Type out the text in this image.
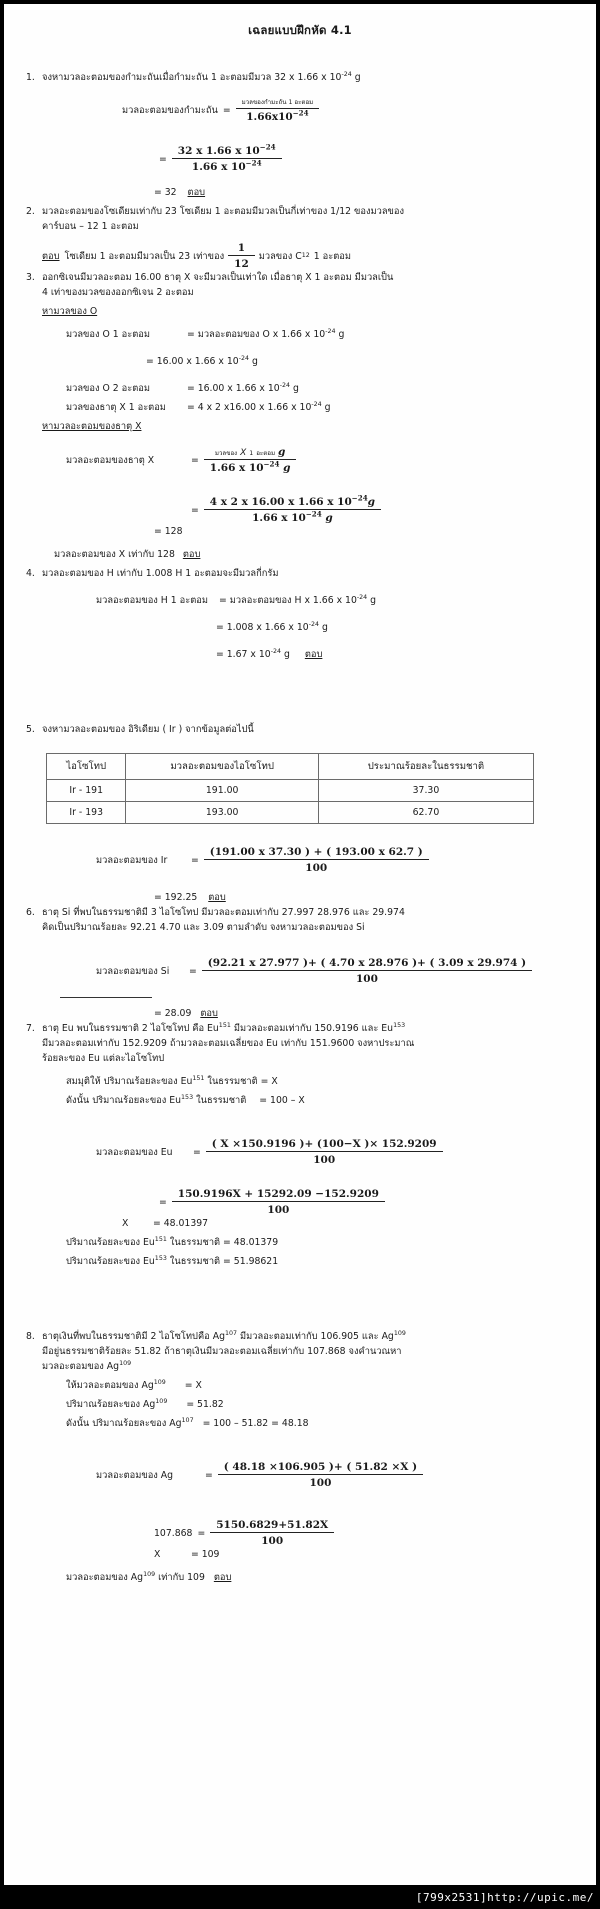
เฉลยแบบฝึกหัด 4.1
1. จงหามวลอะตอมของกำมะถันเมื่อกำมะถัน 1 อะตอมมีมวล 32 x 1.66 x $10^{-24}$ g
มวลอะตอมของกำมะถัน = $\frac{\text{มวลของกำมะถัน 1 อะตอม}}{1.66x10^{-24}}$
= $\frac{32 x 1.66 x 10^{-24}}{1.66 x 10^{-24}}$
= 32 ตอบ
2. มวลอะตอมของโซเดียมเท่ากับ 23 โซเดียม 1 อะตอมมีมวลเป็นกี่เท่าของ 1/12 ของมวลของ
คาร์บอน – 12 1 อะตอม
ตอบ โซเดียม 1 อะตอมมีมวลเป็น 23 เท่าของ $\frac{1}{12}$ มวลของ C 12 1 อะตอม
3. ออกซิเจนมีมวลอะตอม 16.00 ธาตุ X จะมีมวลเป็นเท่าใด เมื่อธาตุ X 1 อะตอม มีมวลเป็น
4 เท่าของมวลของออกซิเจน 2 อะตอม
หามวลของ O
มวลของ O 1 อะตอม	= มวลอะตอมของ O x 1.66 x $10^{-24}$ g
= 16.00 x 1.66 x $10^{-24}$ g
มวลของ O 2 อะตอม	= 16.00 x 1.66 x $10^{-24}$ g
มวลของธาตุ X 1 อะตอม = 4 x 2 x16.00 x 1.66 x $10^{-24}$ g
หามวลอะตอมของธาตุ X
มวลอะตอมของธาตุ X	= $\frac{\text{มวลของ X 1 อะตอม g}}{1.66 x 10^{-24} g}$
= $\frac{4 x 2 x 16.00 x 1.66 x 10^{-24}g}{1.66 x 10^{-24} g}$
= 128
มวลอะตอมของ X เท่ากับ 128 ตอบ
4. มวลอะตอมของ H เท่ากับ 1.008 H 1 อะตอมจะมีมวลกี่กรัม
มวลอะตอมของ H 1 อะตอม = มวลอะตอมของ H x 1.66 x $10^{-24}$ g
= 1.008 x 1.66 x $10^{-24}$ g
= 1.67 x $10^{-24}$ g ตอบ
5. จงหามวลอะตอมของ อิริเดียม ( Ir ) จากข้อมูลต่อไปนี้
ไอโซโทป	มวลอะตอมของไอโซโทป	ประมาณร้อยละในธรรมชาติ
Ir - 191	191.00	37.30
Ir - 193	193.00	62.70
มวลอะตอมของ Ir	= $\frac{(191.00 x 37.30 ) + ( 193.00 x 62.7 )}{100}$
= 192.25 ตอบ
6. ธาตุ Si ที่พบในธรรมชาติมี 3 ไอโซโทป มีมวลอะตอมเท่ากับ 27.997 28.976 และ 29.974
คิดเป็นปริมาณร้อยละ 92.21 4.70 และ 3.09 ตามลำดับ จงหามวลอะตอมของ Si
มวลอะตอมของ Si	= $\frac{(92.21 x 27.977 )+ ( 4.70 x 28.976 )+ ( 3.09 x 29.974 )}{100}$
= 28.09 ตอบ
7. ธาตุ Eu พบในธรรมชาติ 2 ไอโซโทป คือ Eu$^{151}$ มีมวลอะตอมเท่ากับ 150.9196 และ Eu$^{153}$
มีมวลอะตอมเท่ากับ 152.9209 ถ้ามวลอะตอมเฉลี่ยของ Eu เท่ากับ 151.9600 จงหาประมาณ
ร้อยละของ Eu แต่ละไอโซโทป
สมมุติให้ ปริมาณร้อยละของ Eu$^{151}$ ในธรรมชาติ = X
ดังนั้น ปริมาณร้อยละของ Eu$^{153}$ ในธรรมชาติ = 100 – X
มวลอะตอมของ Eu	= $\frac{( X \times 150.9196 )+ (100-X )\times 152.9209}{100}$
= $\frac{150.9196X + 15292.09 -152.9209}{100}$
X	= 48.01397
ปริมาณร้อยละของ Eu$^{151}$ ในธรรมชาติ = 48.01379
ปริมาณร้อยละของ Eu$^{153}$ ในธรรมชาติ = 51.98621
8. ธาตุเงินที่พบในธรรมชาติมี 2 ไอโซโทปคือ Ag$^{107}$ มีมวลอะตอมเท่ากับ 106.905 และ Ag$^{109}$
มีอยู่นธรรมชาติร้อยละ 51.82 ถ้าธาตุเงินมีมวลอะตอมเฉลี่ยเท่ากับ 107.868 จงคำนวณหา
มวลอะตอมของ Ag$^{109}$
ให้มวลอะตอมของ $Ag^{109} = X$
ปริมาณร้อยละของ $Ag^{109} = 51.82$
ดังนั้น ปริมาณร้อยละของ $Ag^{107} = 100 - 51.82 = 48.18$
มวลอะตอมของ Ag	= $\frac{( 48.18 \times 106.905 )+ ( 51.82 \times X )}{100}$
$107.868 = \frac{5150.6829+51.82X}{100}$
X	= 109
มวลอะตอมของ Ag$^{109}$ เท่ากับ 109 ตอบ
[799x2531]http://upic.me/
